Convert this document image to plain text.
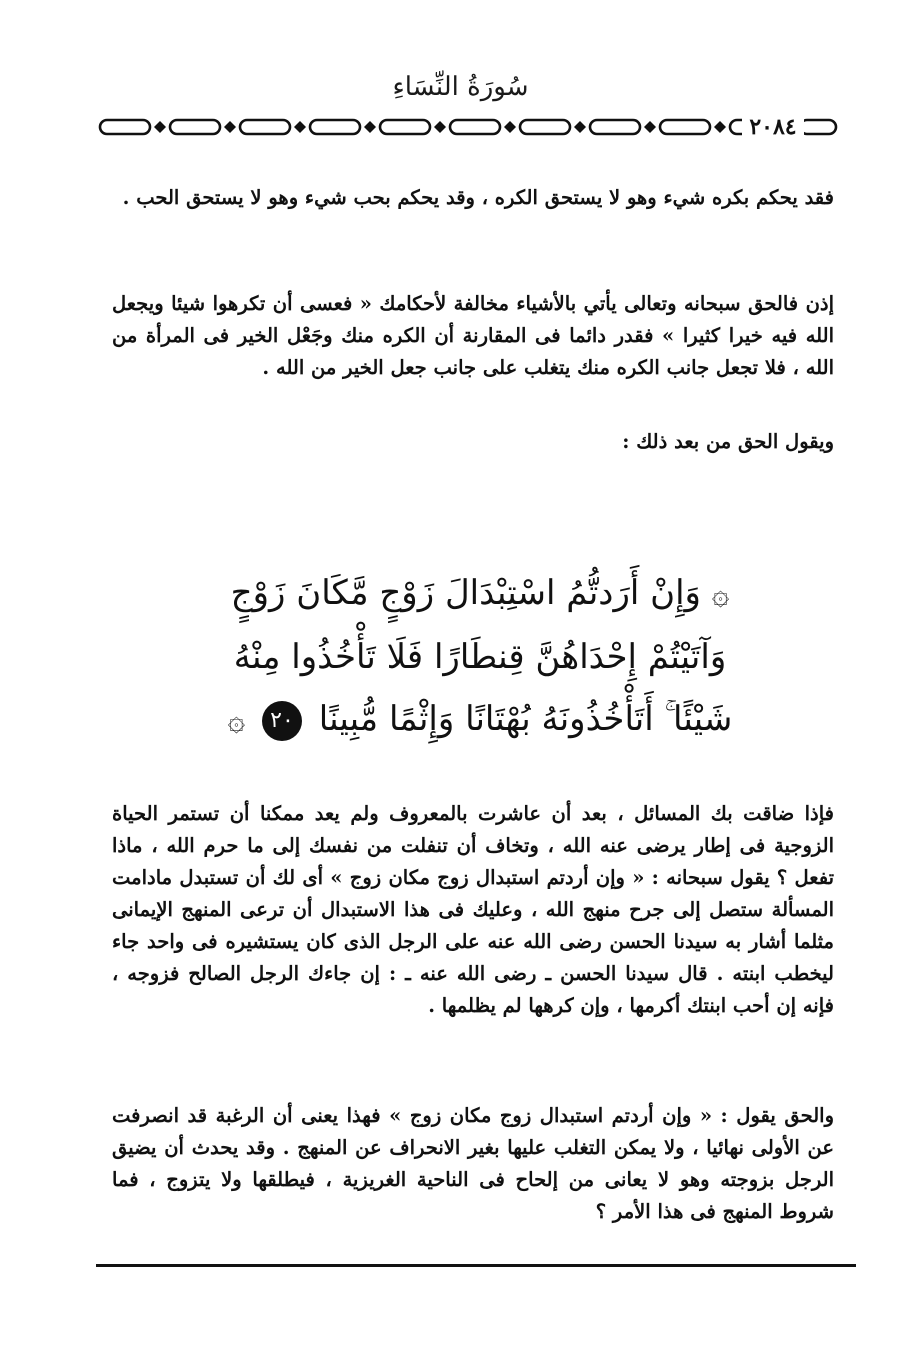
سُورَةُ النِّسَاءِ
٢٠٨٤

فقد يحكم بكره شيء وهو لا يستحق الكره ، وقد يحكم بحب شيء وهو لا يستحق الحب .

إذن فالحق سبحانه وتعالى يأتي بالأشياء مخالفة لأحكامك « فعسى أن تكرهوا شيئا ويجعل الله فيه خيرا كثيرا » فقدر دائما فى المقارنة أن الكره منك وجَعْل الخير فى المرأة من الله ، فلا تجعل جانب الكره منك يتغلب على جانب جعل الخير من الله .

ويقول الحق من بعد ذلك :

۞ وَإِنْ أَرَدتُّمُ اسْتِبْدَالَ زَوْجٍ مَّكَانَ زَوْجٍ
وَآتَيْتُمْ إِحْدَاهُنَّ قِنطَارًا فَلَا تَأْخُذُوا مِنْهُ
شَيْئًا ۚ أَتَأْخُذُونَهُ بُهْتَانًا وَإِثْمًا مُّبِينًا ٢٠ ۞

فإذا ضاقت بك المسائل ، بعد أن عاشرت بالمعروف ولم يعد ممكنا أن تستمر الحياة الزوجية فى إطار يرضى عنه الله ، وتخاف أن تنفلت من نفسك إلى ما حرم الله ، ماذا تفعل ؟ يقول سبحانه : « وإن أردتم استبدال زوج مكان زوج » أى لك أن تستبدل مادامت المسألة ستصل إلى جرح منهج الله ، وعليك فى هذا الاستبدال أن ترعى المنهج الإيمانى مثلما أشار به سيدنا الحسن رضى الله عنه على الرجل الذى كان يستشيره فى واحد جاء ليخطب ابنته . قال سيدنا الحسن ـ رضى الله عنه ـ : إن جاءك الرجل الصالح فزوجه ، فإنه إن أحب ابنتك أكرمها ، وإن كرهها لم يظلمها .

والحق يقول : « وإن أردتم استبدال زوج مكان زوج » فهذا يعنى أن الرغبة قد انصرفت عن الأولى نهائيا ، ولا يمكن التغلب عليها بغير الانحراف عن المنهج . وقد يحدث أن يضيق الرجل بزوجته وهو لا يعانى من إلحاح فى الناحية الغريزية ، فيطلقها ولا يتزوج ، فما شروط المنهج فى هذا الأمر ؟
